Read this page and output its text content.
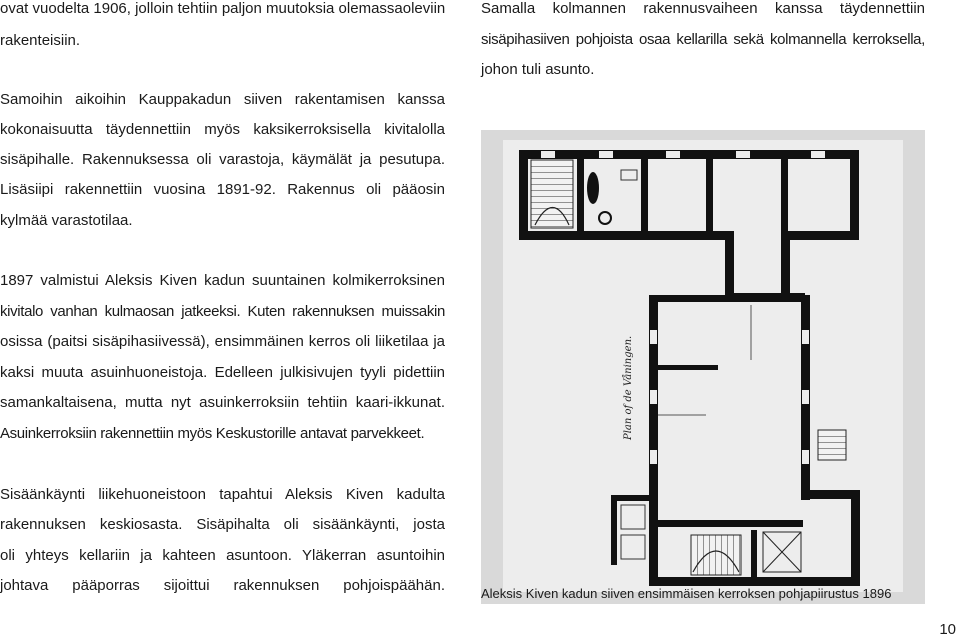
ovat vuodelta 1906, jolloin tehtiin paljon muutoksia olemassaoleviin
rakenteisiin.
Samoihin aikoihin Kauppakadun siiven rakentamisen kanssa
kokonaisuutta täydennettiin myös kaksikerroksisella kivitalolla
sisäpihalle. Rakennuksessa oli varastoja, käymälät ja pesutupa.
Lisäsiipi rakennettiin vuosina 1891-92. Rakennus oli pääosin
kylmää varastotilaa.
1897 valmistui Aleksis Kiven kadun suuntainen kolmikerroksinen
kivitalo vanhan kulmaosan jatkeeksi. Kuten rakennuksen muissakin
osissa (paitsi sisäpihasiivessä), ensimmäinen kerros oli liiketilaa ja
kaksi muuta asuinhuoneistoja. Edelleen julkisivujen tyyli pidettiin
samankaltaisena, mutta nyt asuinkerroksiin tehtiin kaari-ikkunat.
Asuinkerroksiin rakennettiin myös Keskustorille antavat parvekkeet.
Sisäänkäynti liikehuoneistoon tapahtui Aleksis Kiven kadulta
rakennuksen keskiosasta. Sisäpihalta oli sisäänkäynti, josta
oli yhteys kellariin ja kahteen asuntoon. Yläkerran asuntoihin
johtava pääporras sijoittui rakennuksen pohjoispäähän.
Samalla kolmannen rakennusvaiheen kanssa täydennettiin
sisäpihasiiven pohjoista osaa kellarilla sekä kolmannella kerroksella,
johon tuli asunto.
Plan of de Våningen.
Aleksis Kiven kadun siiven ensimmäisen kerroksen pohjapiirustus 1896
10
